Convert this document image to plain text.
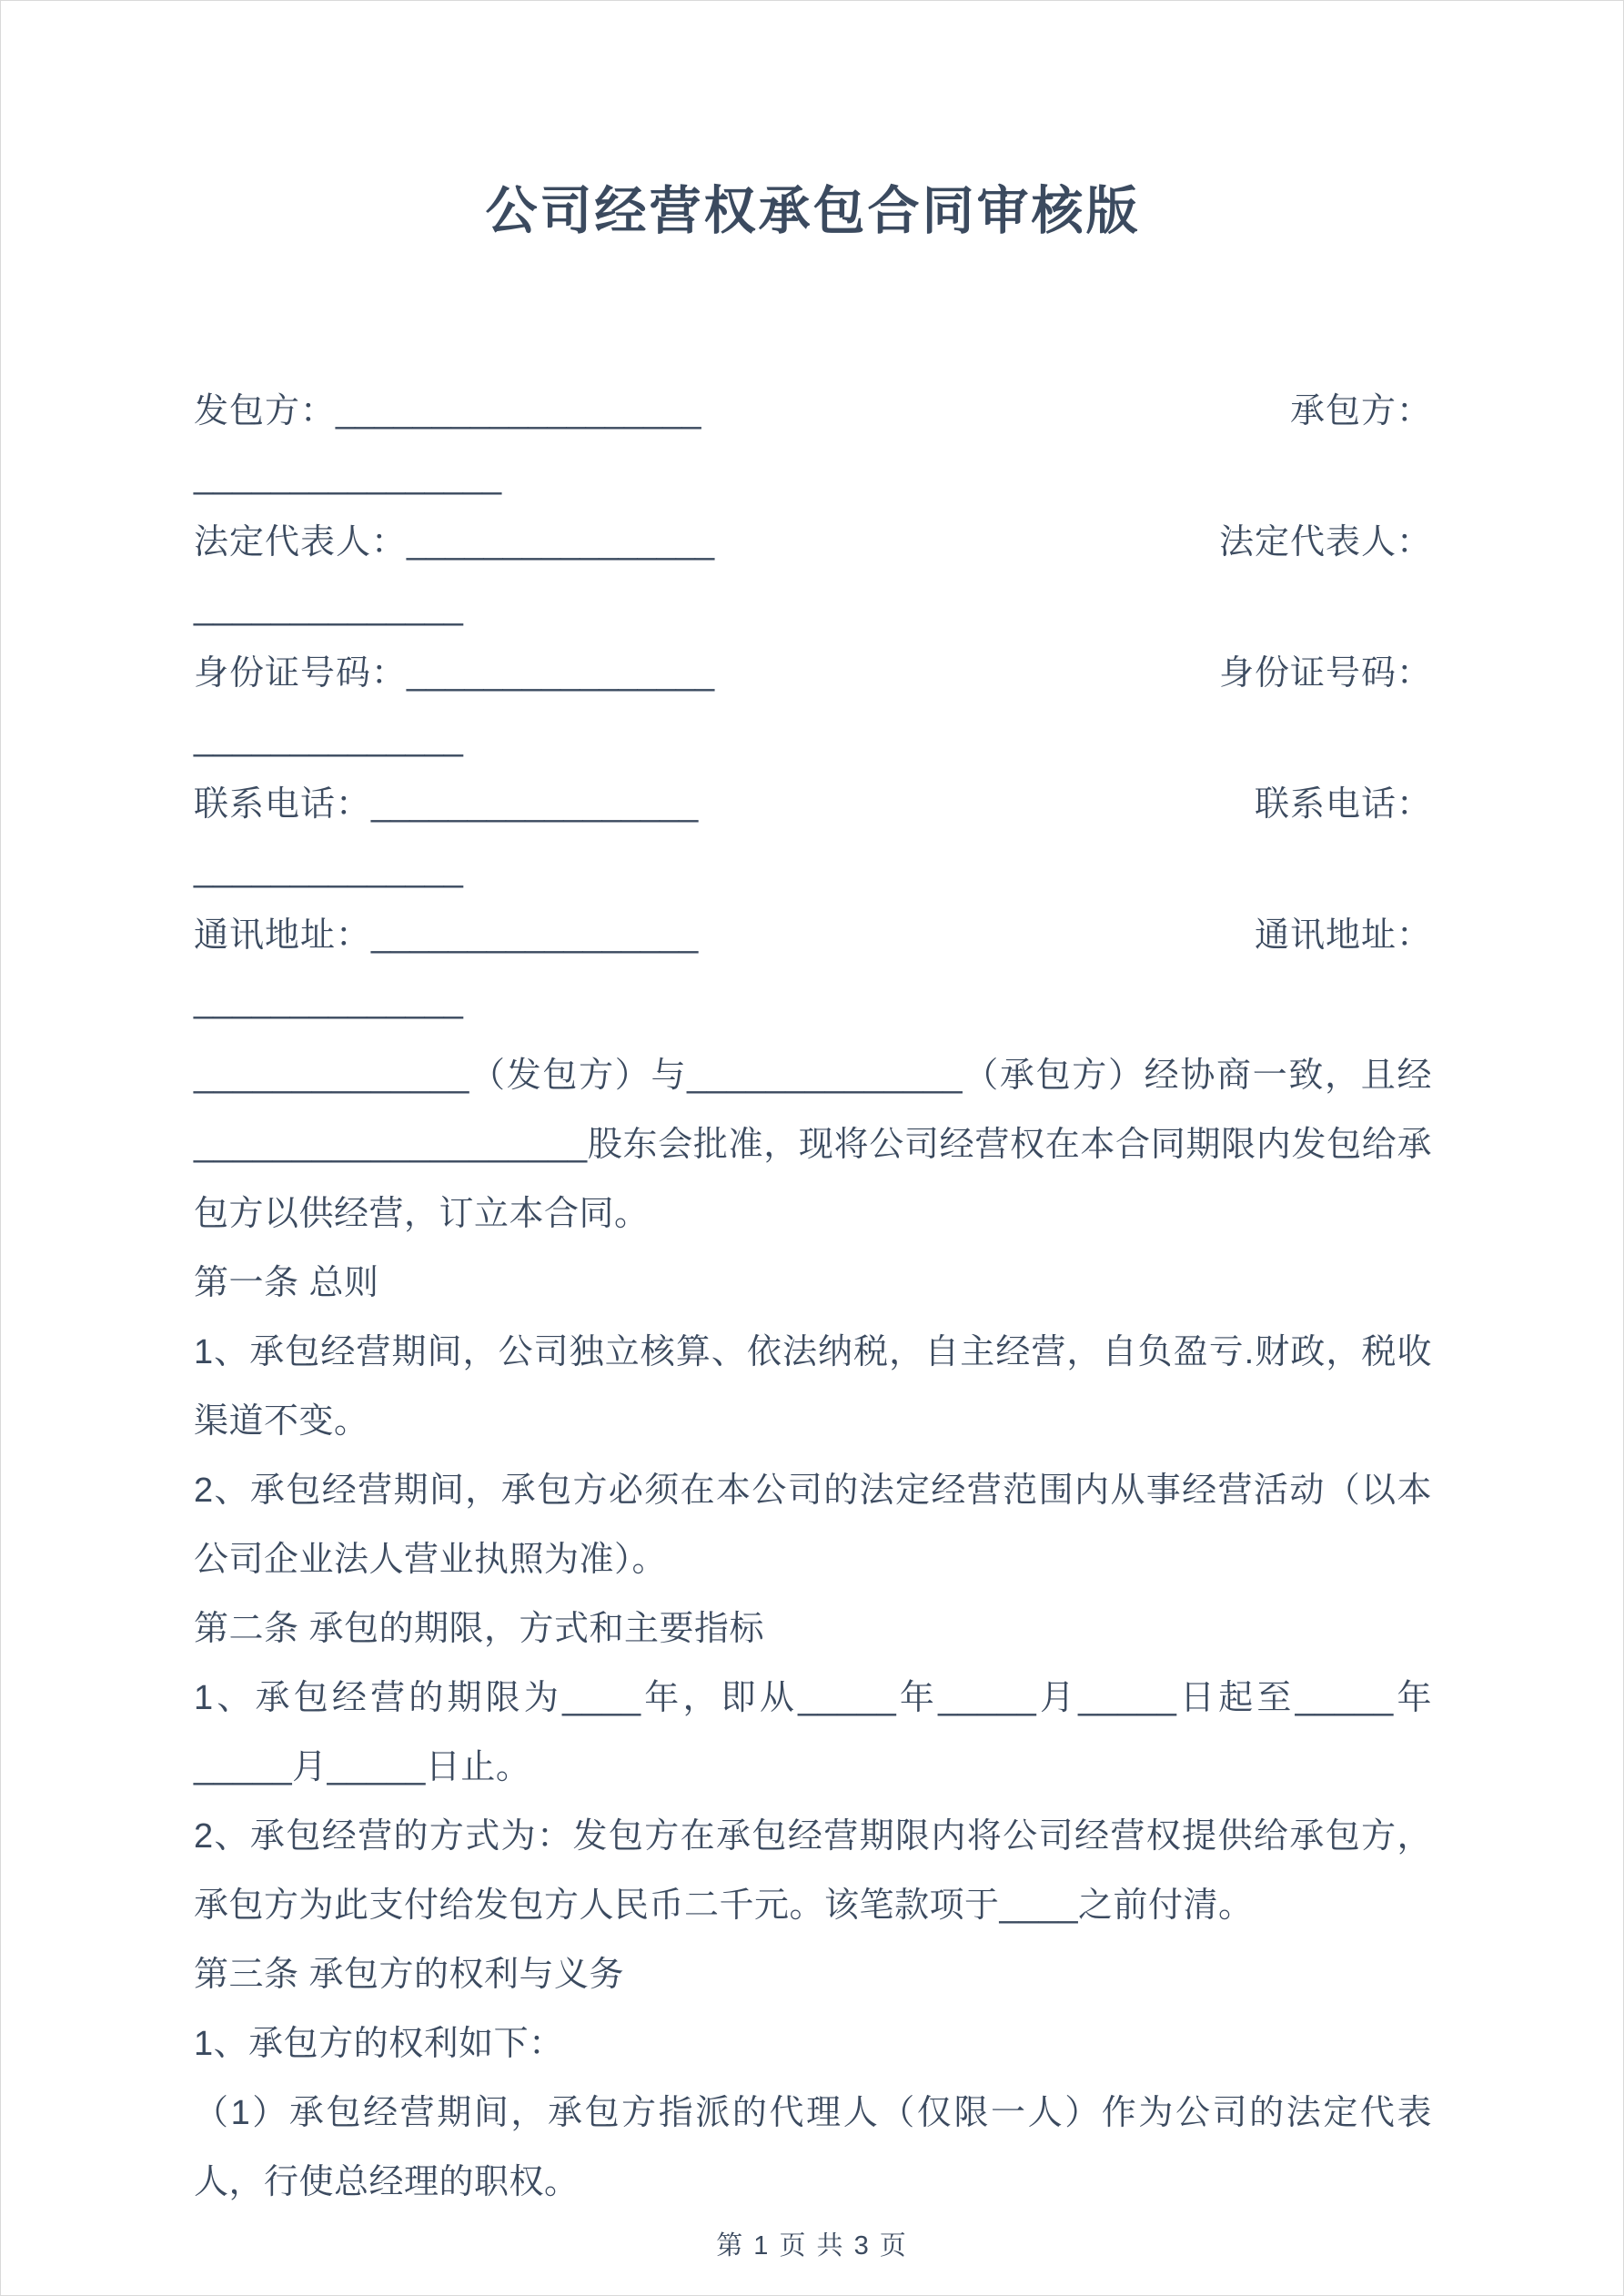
公司经营权承包合同审核版
发包方：___________________	承包方：
________________
法定代表人：________________	法定代表人：
______________
身份证号码：________________	身份证号码：
______________
联系电话：_________________	联系电话：
______________
通讯地址：_________________	通讯地址：
______________

______________（发包方）与______________（承包方）经协商一致，且经____________________股东会批准，现将公司经营权在本合同期限内发包给承包方以供经营，订立本合同。

第一条 总则

1、承包经营期间，公司独立核算、依法纳税，自主经营，自负盈亏.财政，税收渠道不变。

2、承包经营期间，承包方必须在本公司的法定经营范围内从事经营活动（以本公司企业法人营业执照为准）。

第二条 承包的期限，方式和主要指标

1、承包经营的期限为____年，即从_____年_____月_____日起至_____年_____月_____日止。

2、承包经营的方式为：发包方在承包经营期限内将公司经营权提供给承包方，承包方为此支付给发包方人民币二千元。该笔款项于____之前付清。

第三条 承包方的权利与义务

1、承包方的权利如下：

（1）承包经营期间，承包方指派的代理人（仅限一人）作为公司的法定代表人，行使总经理的职权。

第 1 页 共 3 页
